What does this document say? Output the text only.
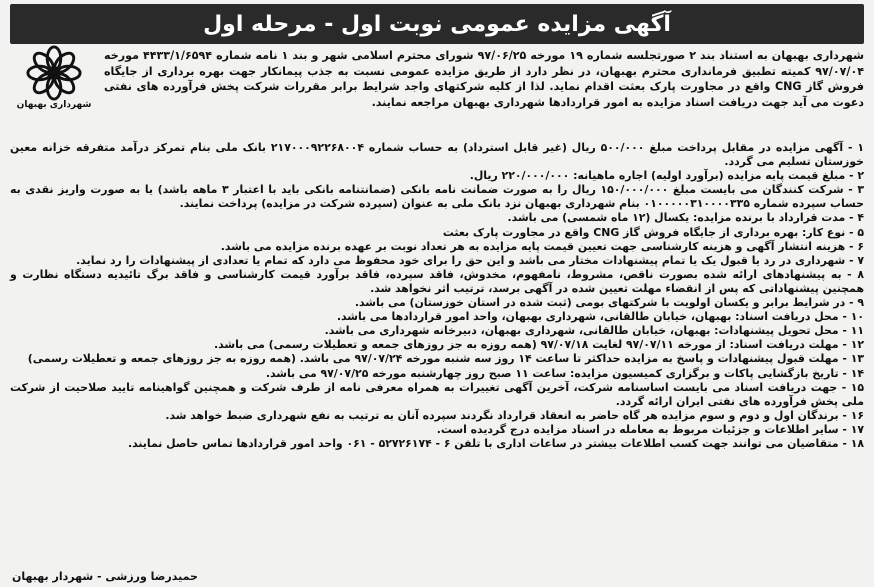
آگهی مزایده عمومی نوبت اول - مرحله اول
شهرداری بهبهان
شهرداری بهبهان به استناد بند ۲ صورتجلسه شماره ۱۹ مورخه ۹۷/۰۶/۲۵ شورای محترم اسلامی شهر و بند ۱ نامه شماره ۴۴۳۳/۱/۶۵۹۴ مورخه ۹۷/۰۷/۰۴ کمیته تطبیق فرمانداری محترم بهبهان، در نظر دارد از طریق مزایده عمومی نسبت به جذب پیمانکار جهت بهره برداری از جایگاه فروش گاز CNG واقع در مجاورت پارک بعثت اقدام نماید. لذا از کلیه شرکتهای واجد شرایط برابر مقررات شرکت پخش فرآورده های نفتی دعوت می آید جهت دریافت اسناد مزایده به امور قراردادها شهرداری بهبهان مراجعه نمایند.

۱ - آگهی مزایده در مقابل پرداخت مبلغ ۵۰۰/۰۰۰ ریال (غیر قابل استرداد) به حساب شماره ۲۱۷۰۰۰۹۲۲۶۸۰۰۴ بانک ملی بنام تمرکز درآمد متفرقه خزانه معین خوزستان تسلیم می گردد.

۲ - مبلغ قیمت پایه مزایده (برآورد اولیه) اجاره ماهیانه: ۲۲۰/۰۰۰/۰۰۰ ریال.

۳ - شرکت کنندگان می بایست مبلغ ۱۵۰/۰۰۰/۰۰۰ ریال را به صورت ضمانت نامه بانکی (ضمانتنامه بانکی باید با اعتبار ۳ ماهه باشد) یا به صورت واریز نقدی به حساب سپرده شماره ۰۱۰۰۰۰۰۳۱۰۰۰۰۳۳۵ بنام شهرداری بهبهان نزد بانک ملی به عنوان (سپرده شرکت در مزایده) پرداخت نمایند.

۴ - مدت قرارداد با برنده مزایده: یکسال (۱۲ ماه شمسی) می باشد.

۵ - نوع کار: بهره برداری از جایگاه فروش گاز CNG واقع در مجاورت پارک بعثت

۶ - هزینه انتشار آگهی و هزینه کارشناسی جهت تعیین قیمت پایه مزایده به هر تعداد نوبت بر عهده برنده مزایده می باشد.

۷ - شهرداری در رد یا قبول یک یا تمام پیشنهادات مختار می باشد و این حق را برای خود محفوظ می دارد که تمام یا تعدادی از پیشنهادات را رد نماید.

۸ - به پیشنهادهای ارائه شده بصورت ناقص، مشروط، نامفهوم، مخدوش، فاقد سپرده، فاقد برآورد قیمت کارشناسی و فاقد برگ تائیدیه دستگاه نظارت و همچنین پیشنهاداتی که پس از انقضاء مهلت تعیین شده در آگهی برسد، ترتیب اثر نخواهد شد.

۹ - در شرایط برابر و یکسان اولویت با شرکتهای بومی (ثبت شده در استان خوزستان) می باشد.

۱۰ - محل دریافت اسناد: بهبهان، خیابان طالقانی، شهرداری بهبهان، واحد امور قراردادها می باشد.

۱۱ - محل تحویل پیشنهادات: بهبهان، خیابان طالقانی، شهرداری بهبهان، دبیرخانه شهرداری می باشد.

۱۲ - مهلت دریافت اسناد: از مورخه ۹۷/۰۷/۱۱ لغایت ۹۷/۰۷/۱۸ (همه روزه به جز روزهای جمعه و تعطیلات رسمی) می باشد.

۱۳ - مهلت قبول پیشنهادات و پاسخ به مزایده حداکثر تا ساعت ۱۴ روز سه شنبه مورخه ۹۷/۰۷/۲۴ می باشد. (همه روزه به جز روزهای جمعه و تعطیلات رسمی)

۱۴ - تاریخ بازگشایی پاکات و برگزاری کمیسیون مزایده: ساعت ۱۱ صبح روز چهارشنبه مورخه ۹۷/۰۷/۲۵ می باشد.

۱۵ - جهت دریافت اسناد می بایست اساسنامه شرکت، آخرین آگهی تغییرات به همراه معرفی نامه از طرف شرکت و همچنین گواهینامه تایید صلاحیت از شرکت ملی پخش فرآورده های نفتی ایران ارائه گردد.

۱۶ - برندگان اول و دوم و سوم مزایده هر گاه حاضر به انعقاد قرارداد نگردند سپرده آنان به ترتیب به نفع شهرداری ضبط خواهد شد.

۱۷ - سایر اطلاعات و جزئیات مربوط به معامله در اسناد مزایده درج گردیده است.

۱۸ - متقاضیان می توانند جهت کسب اطلاعات بیشتر در ساعات اداری با تلفن ۶ - ۵۲۷۲۶۱۷۴ - ۰۶۱ واحد امور قراردادها تماس حاصل نمایند.

حمیدرضا ورزشی - شهردار بهبهان
